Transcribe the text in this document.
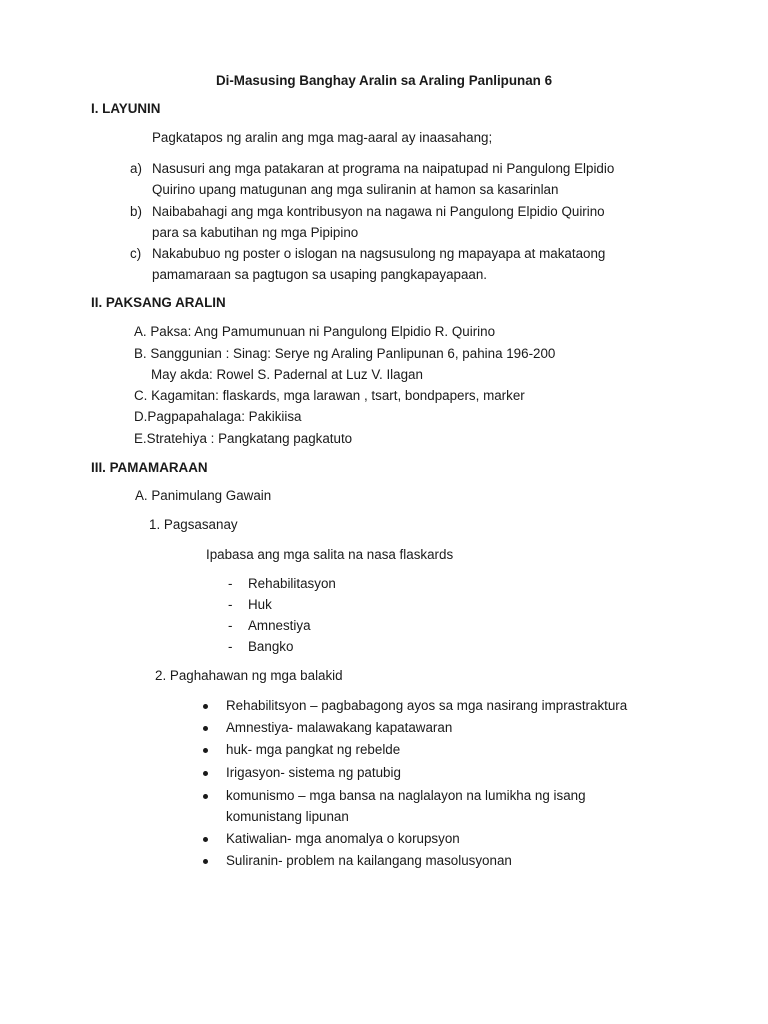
Di-Masusing Banghay Aralin sa Araling Panlipunan 6
I. LAYUNIN
Pagkatapos ng aralin ang mga mag-aaral ay inaasahang;
a) Nasusuri ang mga patakaran at programa na naipatupad ni Pangulong Elpidio
Quirino upang matugunan ang mga suliranin at hamon sa kasarinlan
b) Naibabahagi ang mga kontribusyon na nagawa ni Pangulong Elpidio Quirino
para sa kabutihan ng mga Pipipino
c) Nakabubuo ng poster o islogan na nagsusulong ng mapayapa at makataong
pamamaraan sa pagtugon sa usaping pangkapayapaan.
II. PAKSANG ARALIN
A. Paksa: Ang Pamumunuan ni Pangulong Elpidio R. Quirino
B. Sanggunian : Sinag: Serye ng Araling Panlipunan 6, pahina 196-200
May akda: Rowel S. Padernal at Luz V. Ilagan
C. Kagamitan: flaskards, mga larawan , tsart, bondpapers, marker
D.Pagpapahalaga: Pakikiisa
E.Stratehiya : Pangkatang pagkatuto
III. PAMAMARAAN
A. Panimulang Gawain
1. Pagsasanay
Ipabasa ang mga salita na nasa flaskards
- Rehabilitasyon
- Huk
- Amnestiya
- Bangko
2. Paghahawan ng mga balakid
Rehabilitsyon – pagbabagong ayos sa mga nasirang imprastraktura
Amnestiya- malawakang kapatawaran
huk- mga pangkat ng rebelde
Irigasyon- sistema ng patubig
komunismo – mga bansa na naglalayon na lumikha ng isang
komunistang lipunan
Katiwalian- mga anomalya o korupsyon
Suliranin- problem na kailangang masolusyonan
